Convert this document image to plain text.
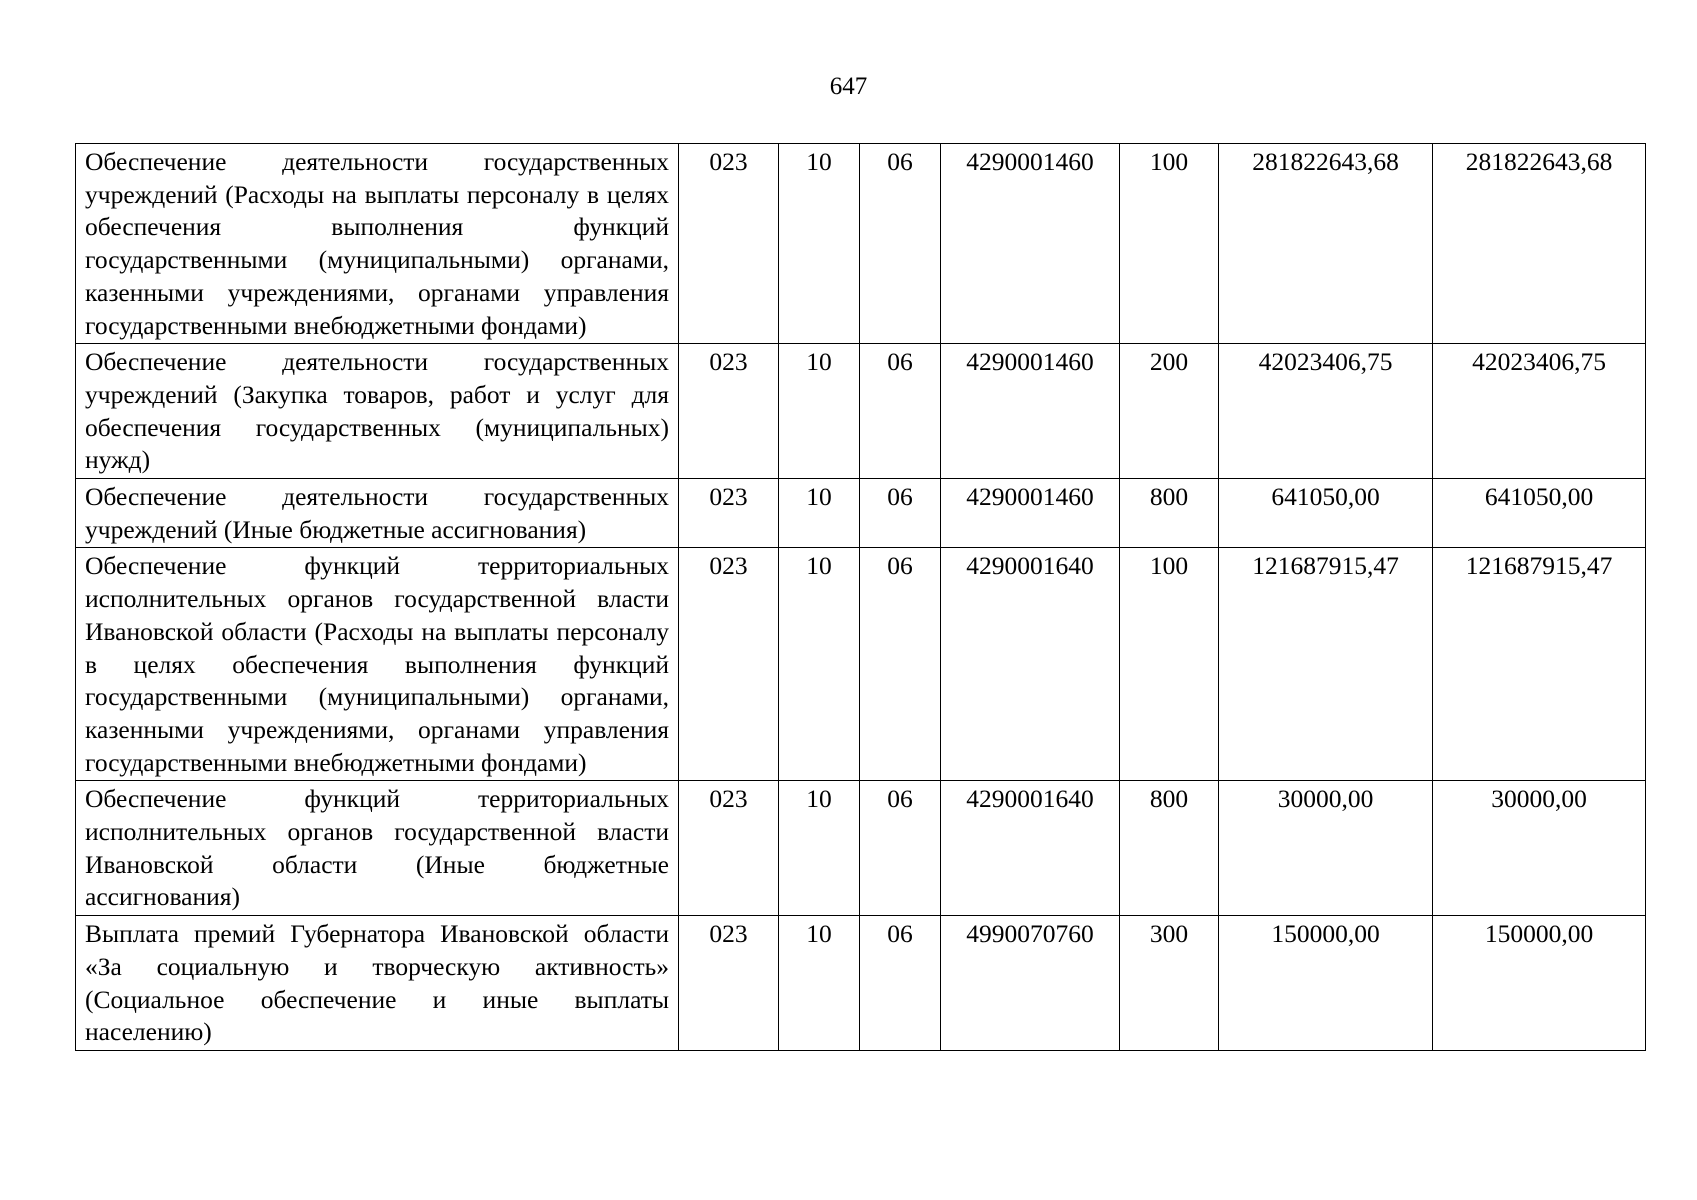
647
Обеспечение деятельности государственных учреждений (Расходы на выплаты персоналу в целях обеспечения выполнения функций государственными (муниципальными) органами, казенными учреждениями, органами управления государственными внебюджетными фондами)	023	10	06	4290001460	100	281822643,68	281822643,68
Обеспечение деятельности государственных учреждений (Закупка товаров, работ и услуг для обеспечения государственных (муниципальных) нужд)	023	10	06	4290001460	200	42023406,75	42023406,75
Обеспечение деятельности государственных учреждений (Иные бюджетные ассигнования)	023	10	06	4290001460	800	641050,00	641050,00
Обеспечение функций территориальных исполнительных органов государственной власти Ивановской области (Расходы на выплаты персоналу в целях обеспечения выполнения функций государственными (муниципальными) органами, казенными учреждениями, органами управления государственными внебюджетными фондами)	023	10	06	4290001640	100	121687915,47	121687915,47
Обеспечение функций территориальных исполнительных органов государственной власти Ивановской области (Иные бюджетные ассигнования)	023	10	06	4290001640	800	30000,00	30000,00
Выплата премий Губернатора Ивановской области «За социальную и творческую активность» (Социальное обеспечение и иные выплаты населению)	023	10	06	4990070760	300	150000,00	150000,00
